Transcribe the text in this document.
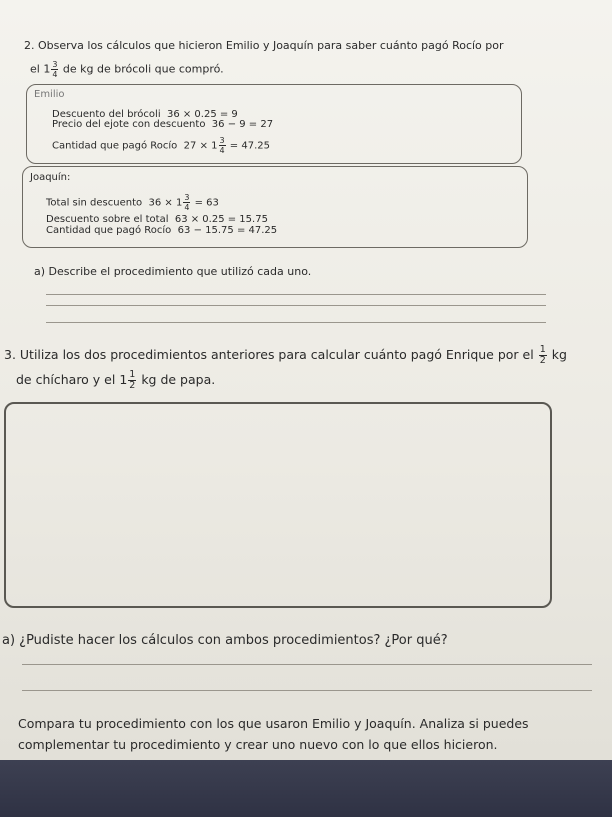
2. Observa los cálculos que hicieron Emilio y Joaquín para saber cuánto pagó Rocío por
el $1 \frac{3}{4}$ de kg de brócoli que compró.
Emilio
Descuento del brócoli 36 × 0.25 = 9
Precio del ejote con descuento 36 − 9 = 27
Cantidad que pagó Rocío $27 \times 1 \frac{3}{4} = 47.25$
Joaquín:
Total sin descuento $36 \times 1 \frac{3}{4} = 63$
Descuento sobre el total 63 × 0.25 = 15.75
Cantidad que pagó Rocío 63 − 15.75 = 47.25
a) Describe el procedimiento que utilizó cada uno.
3. Utiliza los dos procedimientos anteriores para calcular cuánto pagó Enrique por el $\frac{1}{2}$ kg
de chícharo y el $1 \frac{1}{2}$ kg de papa.
a) ¿Pudiste hacer los cálculos con ambos procedimientos? ¿Por qué?
Compara tu procedimiento con los que usaron Emilio y Joaquín. Analiza si puedes
complementar tu procedimiento y crear uno nuevo con lo que ellos hicieron.
